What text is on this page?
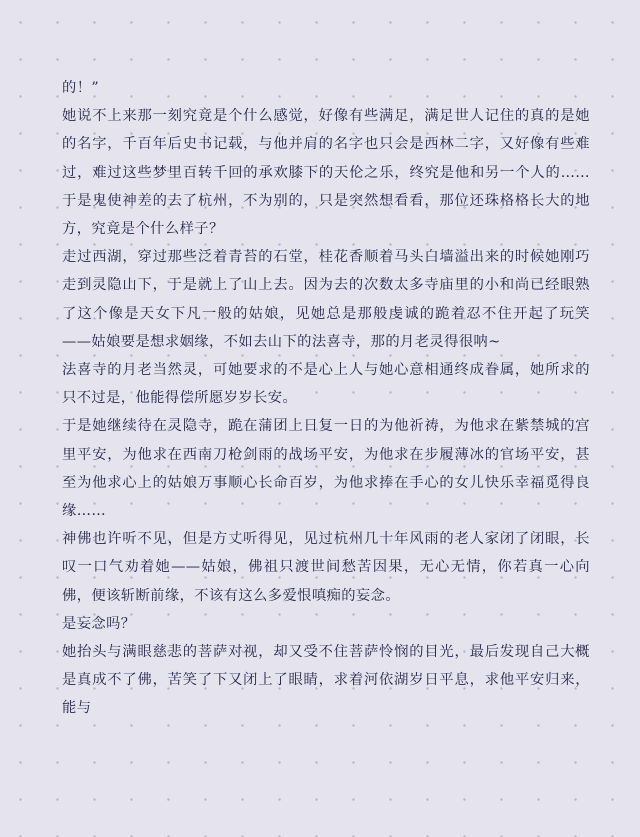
的！”

她说不上来那一刻究竟是个什么感觉，好像有些满足，满足世人记住的真的是她的名字，千百年后史书记载，与他并肩的名字也只会是西林二字，又好像有些难过，难过这些梦里百转千回的承欢膝下的天伦之乐，终究是他和另一个人的……于是鬼使神差的去了杭州，不为别的，只是突然想看看，那位还珠格格长大的地方，究竟是个什么样子？

走过西湖，穿过那些泛着青苔的石堂，桂花香顺着马头白墙溢出来的时候她刚巧走到灵隐山下，于是就上了山上去。因为去的次数太多寺庙里的小和尚已经眼熟了这个像是天女下凡一般的姑娘，见她总是那般虔诚的跪着忍不住开起了玩笑——姑娘要是想求姻缘，不如去山下的法喜寺，那的月老灵得很呐~

法喜寺的月老当然灵，可她要求的不是心上人与她心意相通终成眷属，她所求的只不过是，他能得偿所愿岁岁长安。

于是她继续待在灵隐寺，跪在蒲团上日复一日的为他祈祷，为他求在紫禁城的宫里平安，为他求在西南刀枪剑雨的战场平安，为他求在步履薄冰的官场平安，甚至为他求心上的姑娘万事顺心长命百岁，为他求捧在手心的女儿快乐幸福觅得良缘……

神佛也许听不见，但是方丈听得见，见过杭州几十年风雨的老人家闭了闭眼，长叹一口气劝着她——姑娘，佛祖只渡世间愁苦因果，无心无情，你若真一心向佛，便该斩断前缘，不该有这么多爱恨嗔痴的妄念。

是妄念吗？

她抬头与满眼慈悲的菩萨对视，却又受不住菩萨怜悯的目光，最后发现自己大概是真成不了佛，苦笑了下又闭上了眼睛，求着河依湖岁日平息，求他平安归来，能与
